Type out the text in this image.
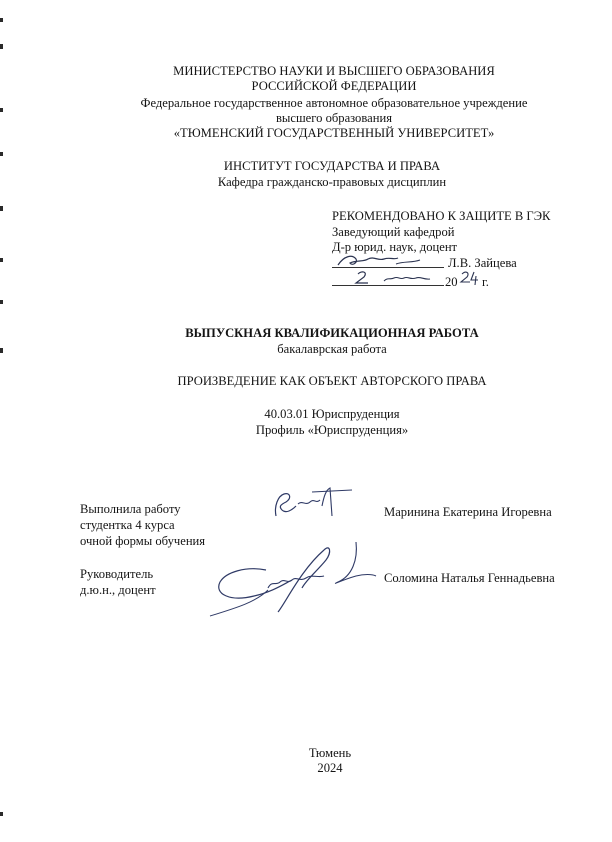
МИНИСТЕРСТВО НАУКИ И ВЫСШЕГО ОБРАЗОВАНИЯ
РОССИЙСКОЙ ФЕДЕРАЦИИ
Федеральное государственное автономное образовательное учреждение
высшего образования
«ТЮМЕНСКИЙ ГОСУДАРСТВЕННЫЙ УНИВЕРСИТЕТ»
ИНСТИТУТ ГОСУДАРСТВА И ПРАВА
Кафедра гражданско-правовых дисциплин
РЕКОМЕНДОВАНО К ЗАЩИТЕ В ГЭК
Заведующий кафедрой
Д-р юрид. наук, доцент
Л.В. Зайцева
20 г.
ВЫПУСКНАЯ КВАЛИФИКАЦИОННАЯ РАБОТА
бакалаврская работа
ПРОИЗВЕДЕНИЕ КАК ОБЪЕКТ АВТОРСКОГО ПРАВА
40.03.01 Юриспруденция
Профиль «Юриспруденция»
Выполнила работу
студентка 4 курса
очной формы обучения
Маринина Екатерина Игоревна
Руководитель
д.ю.н., доцент
Соломина Наталья Геннадьевна
Тюмень
2024
